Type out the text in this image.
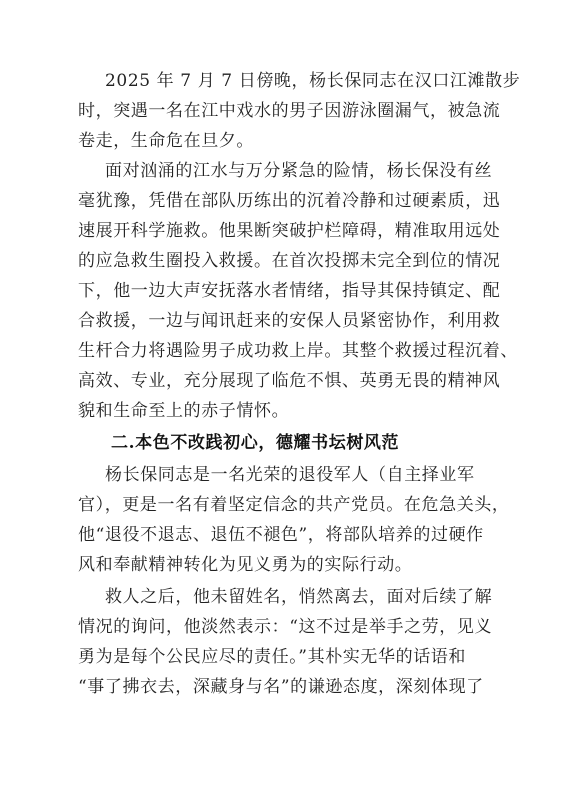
2025 年 7 月 7 日傍晚，杨长保同志在汉口江滩散步
时，突遇一名在江中戏水的男子因游泳圈漏气，被急流
卷走，生命危在旦夕。
面对汹涌的江水与万分紧急的险情，杨长保没有丝
毫犹豫，凭借在部队历练出的沉着冷静和过硬素质，迅
速展开科学施救。他果断突破护栏障碍，精准取用远处
的应急救生圈投入救援。在首次投掷未完全到位的情况
下，他一边大声安抚落水者情绪，指导其保持镇定、配
合救援，一边与闻讯赶来的安保人员紧密协作，利用救
生杆合力将遇险男子成功救上岸。其整个救援过程沉着、
高效、专业，充分展现了临危不惧、英勇无畏的精神风
貌和生命至上的赤子情怀。
二.本色不改践初心，德耀书坛树风范
杨长保同志是一名光荣的退役军人（自主择业军
官），更是一名有着坚定信念的共产党员。在危急关头，
他“退役不退志、退伍不褪色”，将部队培养的过硬作
风和奉献精神转化为见义勇为的实际行动。
救人之后，他未留姓名，悄然离去，面对后续了解
情况的询问，他淡然表示：“这不过是举手之劳，见义
勇为是每个公民应尽的责任。”其朴实无华的话语和
“事了拂衣去，深藏身与名”的谦逊态度，深刻体现了
